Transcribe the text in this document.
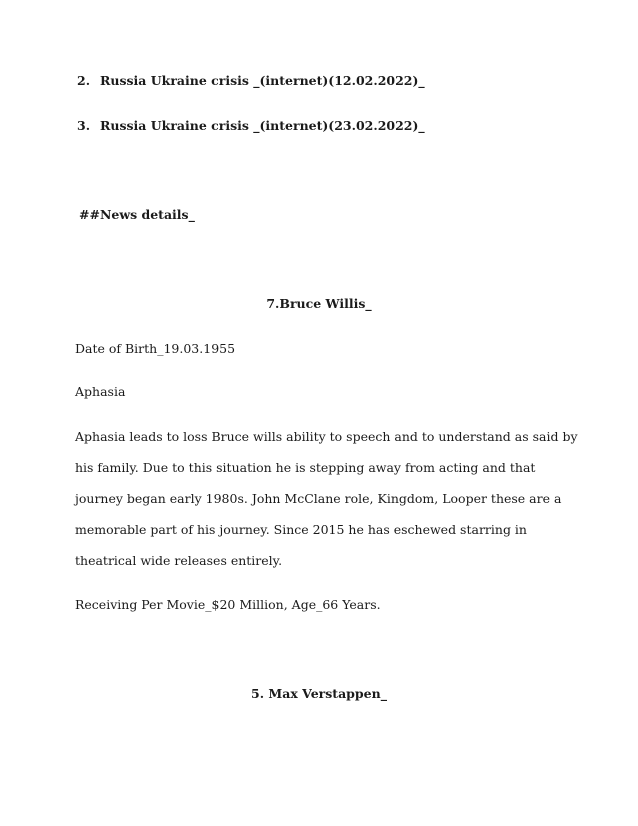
2. Russia Ukraine crisis _(internet)(12.02.2022)_
3. Russia Ukraine crisis _(internet)(23.02.2022)_
##News details_
7.Bruce Willis_
Date of Birth_19.03.1955
Aphasia
Aphasia leads to loss Bruce wills ability to speech and to understand as said by
his family. Due to this situation he is stepping away from acting and that
journey began early 1980s. John McClane role, Kingdom, Looper these are a
memorable part of his journey. Since 2015 he has eschewed starring in
theatrical wide releases entirely.
Receiving Per Movie_$20 Million, Age_66 Years.
5. Max Verstappen_
